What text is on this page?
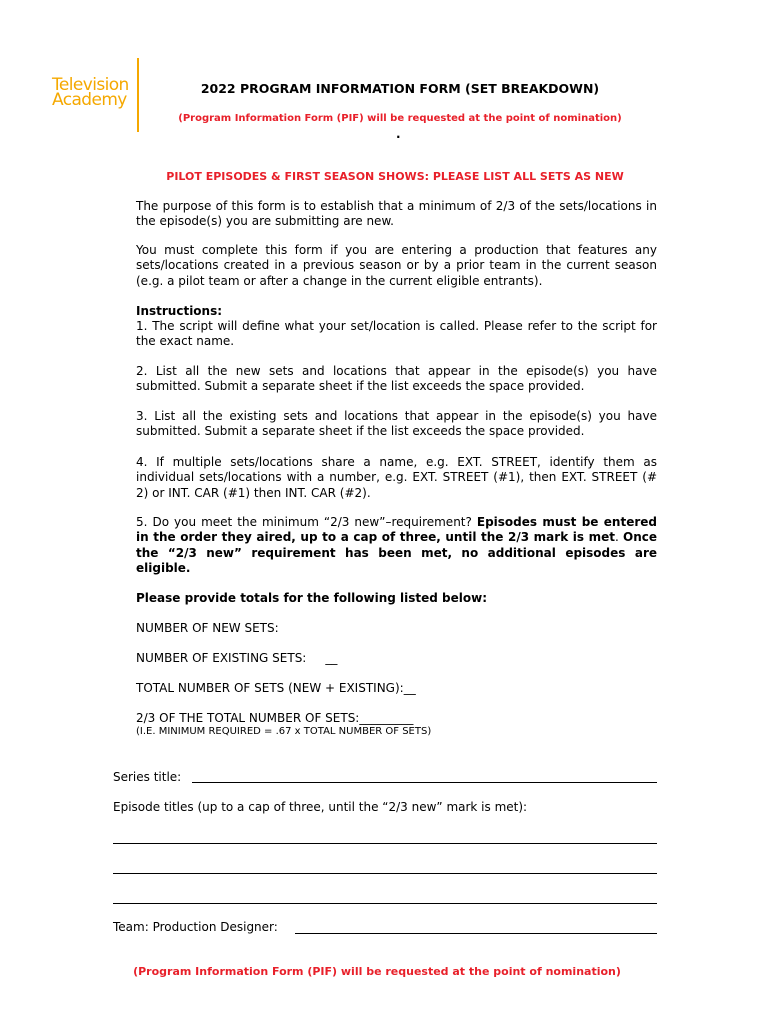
Television
Academy
2022 PROGRAM INFORMATION FORM (SET BREAKDOWN)
(Program Information Form (PIF) will be requested at the point of nomination)
.
PILOT EPISODES & FIRST SEASON SHOWS: PLEASE LIST ALL SETS AS NEW
The purpose of this form is to establish that a minimum of 2/3 of the sets/locations in the episode(s) you are submitting are new.
You must complete this form if you are entering a production that features any sets/locations created in a previous season or by a prior team in the current season (e.g. a pilot team or after a change in the current eligible entrants).
Instructions:
1. The script will define what your set/location is called. Please refer to the script for the exact name.
2. List all the new sets and locations that appear in the episode(s) you have submitted. Submit a separate sheet if the list exceeds the space provided.
3. List all the existing sets and locations that appear in the episode(s) you have submitted. Submit a separate sheet if the list exceeds the space provided.
4. If multiple sets/locations share a name, e.g. EXT. STREET, identify them as individual sets/locations with a number, e.g. EXT. STREET (#1), then EXT. STREET (# 2) or INT. CAR (#1) then INT. CAR (#2).
5. Do you meet the minimum “2/3 new”–requirement? Episodes must be entered in the order they aired, up to a cap of three, until the 2/3 mark is met. Once the “2/3 new” requirement has been met, no additional episodes are eligible.
Please provide totals for the following listed below:
NUMBER OF NEW SETS:
NUMBER OF EXISTING SETS:     __
TOTAL NUMBER OF SETS (NEW + EXISTING):__
2/3 OF THE TOTAL NUMBER OF SETS:_________
(I.E. MINIMUM REQUIRED = .67 x TOTAL NUMBER OF SETS)
Series title:
Episode titles (up to a cap of three, until the “2/3 new” mark is met):
Team: Production Designer:
(Program Information Form (PIF) will be requested at the point of nomination)
